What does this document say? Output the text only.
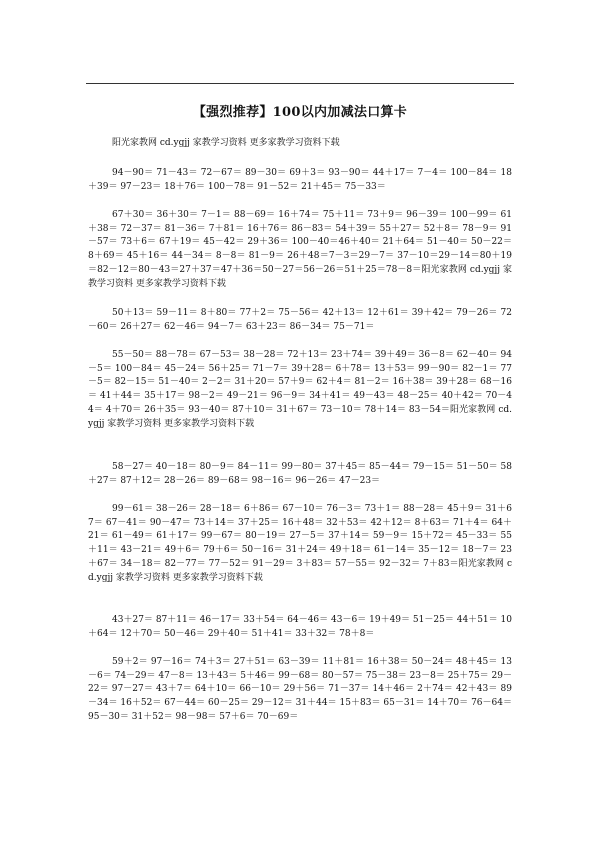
【强烈推荐】100以内加减法口算卡
阳光家教网 cd.ygjj 家教学习资料 更多家教学习资料下载

94－90＝ 71－43＝ 72－67＝ 89－30＝ 69＋3＝ 93－90＝ 44＋17＝ 7－4＝ 100－84＝ 18＋39＝ 97－23＝ 18＋76＝ 100－78＝ 91－52＝ 21＋45＝ 75－33＝

67＋30＝ 36＋30＝ 7－1＝ 88－69＝ 16＋74＝ 75＋11＝ 73＋9＝ 96－39＝ 100－99＝ 61＋38＝ 72－37＝ 81－36＝ 7＋81＝ 16＋76＝ 86－83＝ 54＋39＝ 55＋27＝ 52＋8＝ 78－9＝ 91－57＝ 73＋6＝ 67＋19＝ 45－42＝ 29＋36＝ 100－40＝46＋40＝ 21＋64＝ 51－40＝ 50－22＝ 8＋69＝ 45＋16＝ 44－34＝ 8－8＝ 81－9＝ 26＋48＝7－3＝29－7＝ 37－10＝29－14＝80＋19＝82－12＝80－43＝27＋37＝47＋36＝50－27＝56－26＝51＋25＝78－8＝阳光家教网 cd.ygjj 家教学习资料 更多家教学习资料下载

50＋13＝ 59－11＝ 8＋80＝ 77＋2＝ 75－56＝ 42＋13＝ 12＋61＝ 39＋42＝ 79－26＝ 72－60＝ 26＋27＝ 62－46＝ 94－7＝ 63＋23＝ 86－34＝ 75－71＝

55－50＝ 88－78＝ 67－53＝ 38－28＝ 72＋13＝ 23＋74＝ 39＋49＝ 36－8＝ 62－40＝ 94－5＝ 100－84＝ 45－24＝ 56＋25＝ 71－7＝ 39＋28＝ 6＋78＝ 13＋53＝ 99－90＝ 82－1＝ 77－5＝ 82－15＝ 51－40＝ 2－2＝ 31＋20＝ 57＋9＝ 62＋4＝ 81－2＝ 16＋38＝ 39＋28＝ 68－16＝ 41＋44＝ 35＋17＝ 98－2＝ 49－21＝ 96－9＝ 34＋41＝ 49－43＝ 48－25＝ 40＋42＝ 70－44＝ 4＋70＝ 26＋35＝ 93－40＝ 87＋10＝ 31＋67＝ 73－10＝ 78＋14＝ 83－54＝阳光家教网 cd.ygjj 家教学习资料 更多家教学习资料下载

58－27＝ 40－18＝ 80－9＝ 84－11＝ 99－80＝ 37＋45＝ 85－44＝ 79－15＝ 51－50＝ 58＋27＝ 87＋12＝ 28－26＝ 89－68＝ 98－16＝ 96－26＝ 47－23＝

99－61＝ 38－26＝ 28－18＝ 6＋86＝ 67－10＝ 76－3＝ 73＋1＝ 88－28＝ 45＋9＝ 31＋67＝ 67－41＝ 90－47＝ 73＋14＝ 37＋25＝ 16＋48＝ 32＋53＝ 42＋12＝ 8＋63＝ 71＋4＝ 64＋21＝ 61－49＝ 61＋17＝ 99－67＝ 80－19＝ 27－5＝ 37＋14＝ 59－9＝ 15＋72＝ 45－33＝ 55＋11＝ 43－21＝ 49＋6＝ 79＋6＝ 50－16＝ 31＋24＝ 49＋18＝ 61－14＝ 35－12＝ 18－7＝ 23＋67＝ 34－18＝ 82－77＝ 77－52＝ 91－29＝ 3＋83＝ 57－55＝ 92－32＝ 7＋83＝阳光家教网 cd.ygjj 家教学习资料 更多家教学习资料下载

43＋27＝ 87＋11＝ 46－17＝ 33＋54＝ 64－46＝ 43－6＝ 19＋49＝ 51－25＝ 44＋51＝ 10＋64＝ 12＋70＝ 50－46＝ 29＋40＝ 51＋41＝ 33＋32＝ 78＋8＝

59＋2＝ 97－16＝ 74＋3＝ 27＋51＝ 63－39＝ 11＋81＝ 16＋38＝ 50－24＝ 48＋45＝ 13－6＝ 74－29＝ 47－8＝ 13＋43＝ 5＋46＝ 99－68＝ 80－57＝ 75－38＝ 23－8＝ 25＋75＝ 29－22＝ 97－27＝ 43＋7＝ 64＋10＝ 66－10＝ 29＋56＝ 71－37＝ 14＋46＝ 2＋74＝ 42＋43＝ 89－34＝ 16＋52＝ 67－44＝ 60－25＝ 29－12＝ 31＋44＝ 15＋83＝ 65－31＝ 14＋70＝ 76－64＝ 95－30＝ 31＋52＝ 98－98＝ 57＋6＝ 70－69＝
